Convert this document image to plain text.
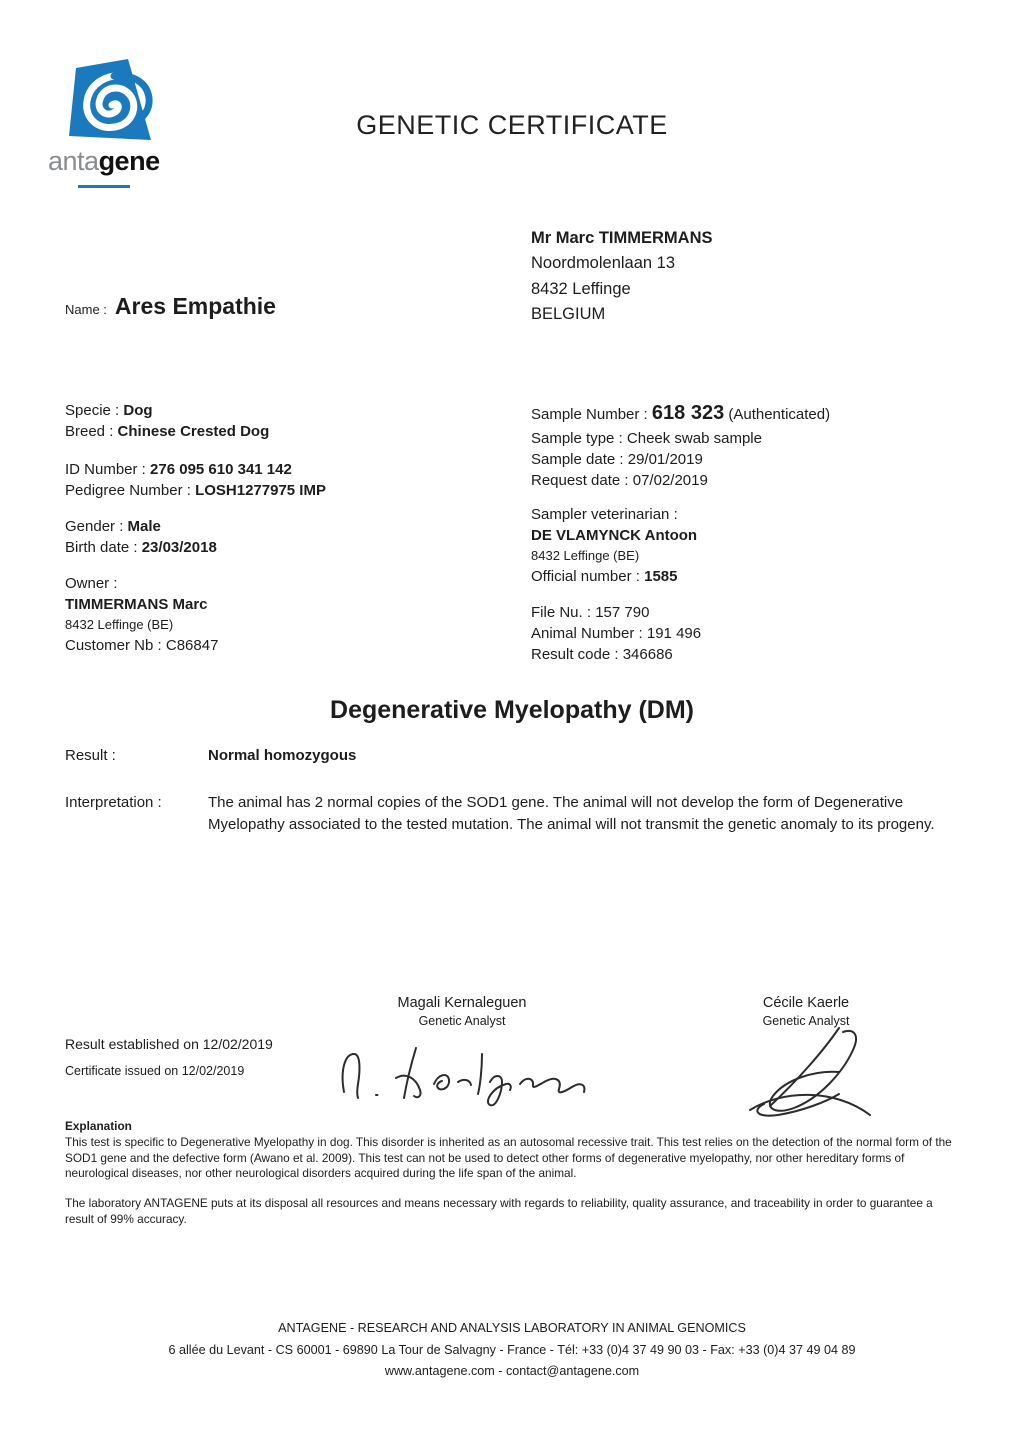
antagene
GENETIC CERTIFICATE
Name : Ares Empathie
Mr Marc TIMMERMANS
Noordmolenlaan 13
8432 Leffinge
BELGIUM
Specie : Dog
Breed : Chinese Crested Dog
ID Number : 276 095 610 341 142
Pedigree Number : LOSH1277975 IMP
Gender : Male
Birth date : 23/03/2018
Owner :
TIMMERMANS Marc
8432 Leffinge (BE)
Customer Nb : C86847
Sample Number : 618 323 (Authenticated)
Sample type : Cheek swab sample
Sample date : 29/01/2019
Request date : 07/02/2019
Sampler veterinarian :
DE VLAMYNCK Antoon
8432 Leffinge (BE)
Official number : 1585
File Nu. : 157 790
Animal Number : 191 496
Result code : 346686
Degenerative Myelopathy (DM)
Result :	Normal homozygous
Interpretation :	The animal has 2 normal copies of the SOD1 gene. The animal will not develop the form of Degenerative Myelopathy associated to the tested mutation. The animal will not transmit the genetic anomaly to its progeny.
Result established on 12/02/2019
Certificate issued on 12/02/2019
Magali Kernaleguen
Genetic Analyst
Cécile Kaerle
Genetic Analyst
Explanation
This test is specific to Degenerative Myelopathy in dog. This disorder is inherited as an autosomal recessive trait. This test relies on the detection of the normal form of the SOD1 gene and the defective form (Awano et al. 2009). This test can not be used to detect other forms of degenerative myelopathy, nor other hereditary forms of neurological diseases, nor other neurological disorders acquired during the life span of the animal.
The laboratory ANTAGENE puts at its disposal all resources and means necessary with regards to reliability, quality assurance, and traceability in order to guarantee a result of 99% accuracy.
ANTAGENE - RESEARCH AND ANALYSIS LABORATORY IN ANIMAL GENOMICS
6 allée du Levant - CS 60001 - 69890 La Tour de Salvagny - France - Tél: +33 (0)4 37 49 90 03 - Fax: +33 (0)4 37 49 04 89
www.antagene.com - contact@antagene.com
